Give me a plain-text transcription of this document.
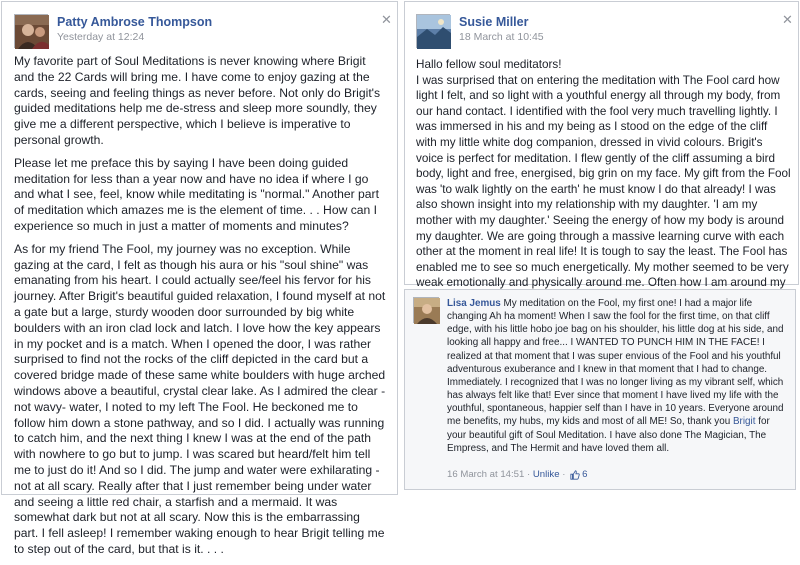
Patty Ambrose Thompson
Yesterday at 12:24
✕

My favorite part of Soul Meditations is never knowing where Brigit and the 22 Cards will bring me. I have come to enjoy gazing at the cards, seeing and feeling things as never before. Not only do Brigit's guided meditations help me de-stress and sleep more soundly, they give me a different perspective, which I believe is imperative to personal growth.

Please let me preface this by saying I have been doing guided meditation for less than a year now and have no idea if where I go and what I see, feel, know while meditating is "normal." Another part of meditation which amazes me is the element of time. . . How can I experience so much in just a matter of moments and minutes?

As for my friend The Fool, my journey was no exception. While gazing at the card, I felt as though his aura or his "soul shine" was emanating from his heart. I could actually see/feel his fervor for his journey. After Brigit's beautiful guided relaxation, I found myself at not a gate but a large, sturdy wooden door surrounded by big white boulders with an iron clad lock and latch. I love how the key appears in my pocket and is a match. When I opened the door, I was rather surprised to find not the rocks of the cliff depicted in the card but a covered bridge made of these same white boulders with huge arched windows above a beautiful, crystal clear lake. As I admired the clear - not wavy- water, I noted to my left The Fool. He beckoned me to follow him down a stone pathway, and so I did. I actually was running to catch him, and the next thing I knew I was at the end of the path with nowhere to go but to jump. I was scared but heard/felt him tell me to just do it! And so I did. The jump and water were exhilarating - not at all scary. Really after that I just remember being under water and seeing a little red chair, a starfish and a mermaid. It was somewhat dark but not at all scary. Now this is the embarrassing part. I fell asleep! I remember waking enough to hear Brigit telling me to step out of the card, but that is it. . . .

Susie Miller
18 March at 10:45
✕

Hallo fellow soul meditators!
I was surprised that on entering the meditation with The Fool card how light I felt, and so light with a youthful energy all through my body, from our hand contact. I identified with the fool very much travelling lightly. I was immersed in his and my being as I stood on the edge of the cliff with my little white dog companion, dressed in vivid colours. Brigit's voice is perfect for meditation. I flew gently of the cliff assuming a bird body, light and free, energised, big grin on my face. My gift from the Fool was 'to walk lightly on the earth' he must know I do that already! I was also shown insight into my relationship with my daughter. 'I am my mother with my daughter.' Seeing the energy of how my body is around my daughter. We are going through a massive learning curve with each other at the moment in real life! It is tough to say the least. The Fool has enabled me to see so much energetically. My mother seemed to be very weak emotionally and physically around me. Often how I am around my

Lisa Jemus My meditation on the Fool, my first one! I had a major life changing Ah ha moment! When I saw the fool for the first time, on that cliff edge, with his little hobo joe bag on his shoulder, his little dog at his side, and looking all happy and free... I WANTED TO PUNCH HIM IN THE FACE! I realized at that moment that I was super envious of the Fool and his youthful adventurous exuberance and I knew in that moment that I had to change. Immediately. I recognized that I was no longer living as my vibrant self, which has always felt like that! Ever since that moment I have lived my life with the youthful, spontaneous, happier self than I have in 10 years. Everyone around me benefits, my hubs, my kids and most of all ME! So, thank you Brigit for your beautiful gift of Soul Meditation. I have also done The Magician, The Empress, and The Hermit and have loved them all.
16 March at 14:51 · Unlike · 6
